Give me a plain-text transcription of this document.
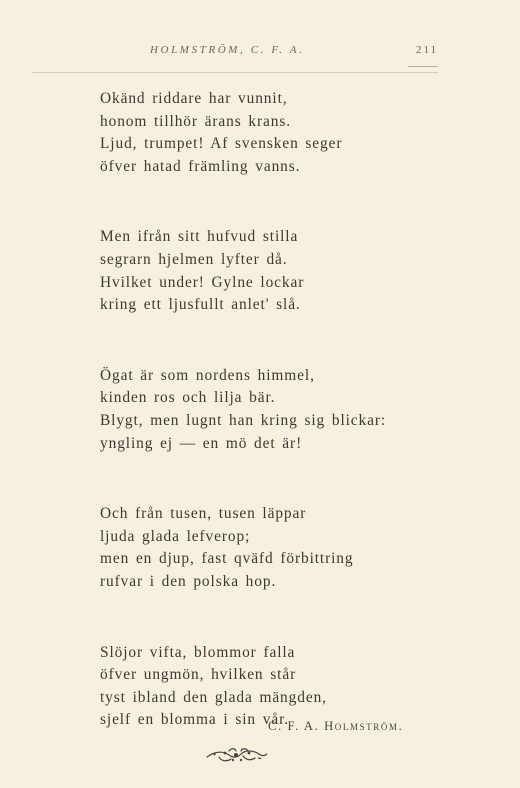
HOLMSTRÖM, C. F. A.	211
Okänd riddare har vunnit,
honom tillhör ärans krans.
Ljud, trumpet! Af svensken seger
öfver hatad främling vanns.
Men ifrån sitt hufvud stilla
segrarn hjelmen lyfter då.
Hvilket under! Gylne lockar
kring ett ljusfullt anlet' slå.
Ögat är som nordens himmel,
kinden ros och lilja bär.
Blygt, men lugnt han kring sig blickar:
yngling ej — en mö det är!
Och från tusen, tusen läppar
ljuda glada lefverop;
men en djup, fast qväfd förbittring
rufvar i den polska hop.
Slöjor vifta, blommor falla
öfver ungmön, hvilken står
tyst ibland den glada mängden,
sjelf en blomma i sin vår.
C. F. A. Holmström.
